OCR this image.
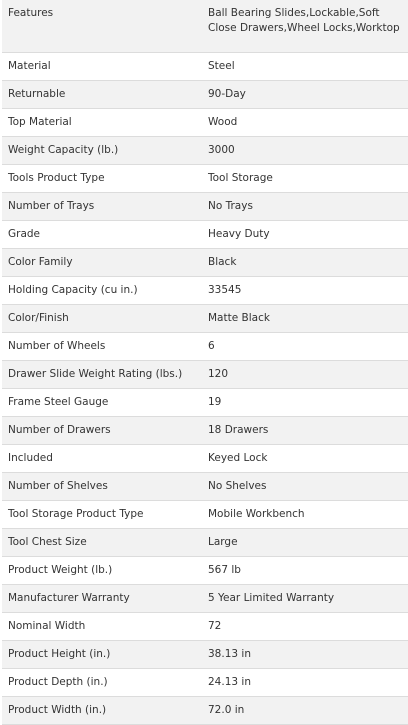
Features	Ball Bearing Slides,Lockable,Soft Close Drawers,Wheel Locks,Worktop
Material	Steel
Returnable	90-Day
Top Material	Wood
Weight Capacity (lb.)	3000
Tools Product Type	Tool Storage
Number of Trays	No Trays
Grade	Heavy Duty
Color Family	Black
Holding Capacity (cu in.)	33545
Color/Finish	Matte Black
Number of Wheels	6
Drawer Slide Weight Rating (lbs.)	120
Frame Steel Gauge	19
Number of Drawers	18 Drawers
Included	Keyed Lock
Number of Shelves	No Shelves
Tool Storage Product Type	Mobile Workbench
Tool Chest Size	Large
Product Weight (lb.)	567 lb
Manufacturer Warranty	5 Year Limited Warranty
Nominal Width	72
Product Height (in.)	38.13 in
Product Depth (in.)	24.13 in
Product Width (in.)	72.0 in
